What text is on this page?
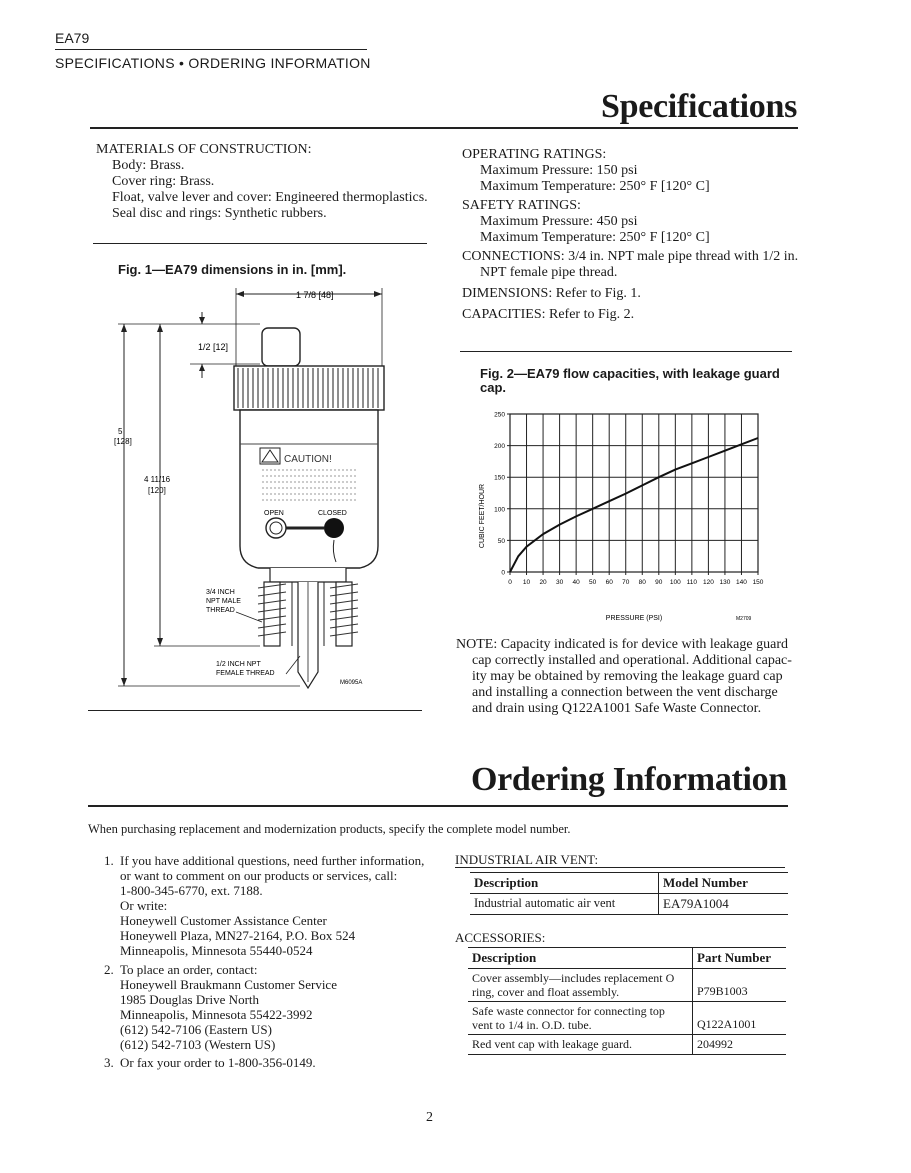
EA79
SPECIFICATIONS • ORDERING INFORMATION
Specifications
MATERIALS OF CONSTRUCTION:
Body: Brass.
Cover ring: Brass.
Float, valve lever and cover: Engineered thermoplastics.
Seal disc and rings: Synthetic rubbers.
Fig. 1—EA79 dimensions in in. [mm].
1 7/8 [48]
1/2 [12]
5
[128]
4 11/16
[120]
CAUTION!
OPEN	CLOSED
3/4 INCH
NPT MALE
THREAD
1/2 INCH NPT
FEMALE THREAD
M6095A
OPERATING RATINGS:
Maximum Pressure: 150 psi
Maximum Temperature: 250° F [120° C]
SAFETY RATINGS:
Maximum Pressure: 450 psi
Maximum Temperature: 250° F [120° C]
CONNECTIONS: 3/4 in. NPT male pipe thread with 1/2 in.
NPT female pipe thread.
DIMENSIONS: Refer to Fig. 1.
CAPACITIES: Refer to Fig. 2.
Fig. 2—EA79 flow capacities, with leakage guard
cap.
0 10 20 30 40 50 60 70 80 90 100 110 120 130 140 150
0
50
100
150
200
250
PRESSURE (PSI)
CUBIC FEET/HOUR
M2709
NOTE: Capacity indicated is for device with leakage guard
cap correctly installed and operational. Additional capac-
ity may be obtained by removing the leakage guard cap
and installing a connection between the vent discharge
and drain using Q122A1001 Safe Waste Connector.
Ordering Information
When purchasing replacement and modernization products, specify the complete model number.
1. If you have additional questions, need further information,
or want to comment on our products or services, call:
1-800-345-6770, ext. 7188.
Or write:
Honeywell Customer Assistance Center
Honeywell Plaza, MN27-2164, P.O. Box 524
Minneapolis, Minnesota 55440-0524
2. To place an order, contact:
Honeywell Braukmann Customer Service
1985 Douglas Drive North
Minneapolis, Minnesota 55422-3992
(612) 542-7106 (Eastern US)
(612) 542-7103 (Western US)
3. Or fax your order to 1-800-356-0149.
INDUSTRIAL AIR VENT:
Description	Model Number
Industrial automatic air vent	EA79A1004
ACCESSORIES:
Description	Part Number
Cover assembly—includes replacement O ring, cover and float assembly.	P79B1003
Safe waste connector for connecting top vent to 1/4 in. O.D. tube.	Q122A1001
Red vent cap with leakage guard.	204992
2
